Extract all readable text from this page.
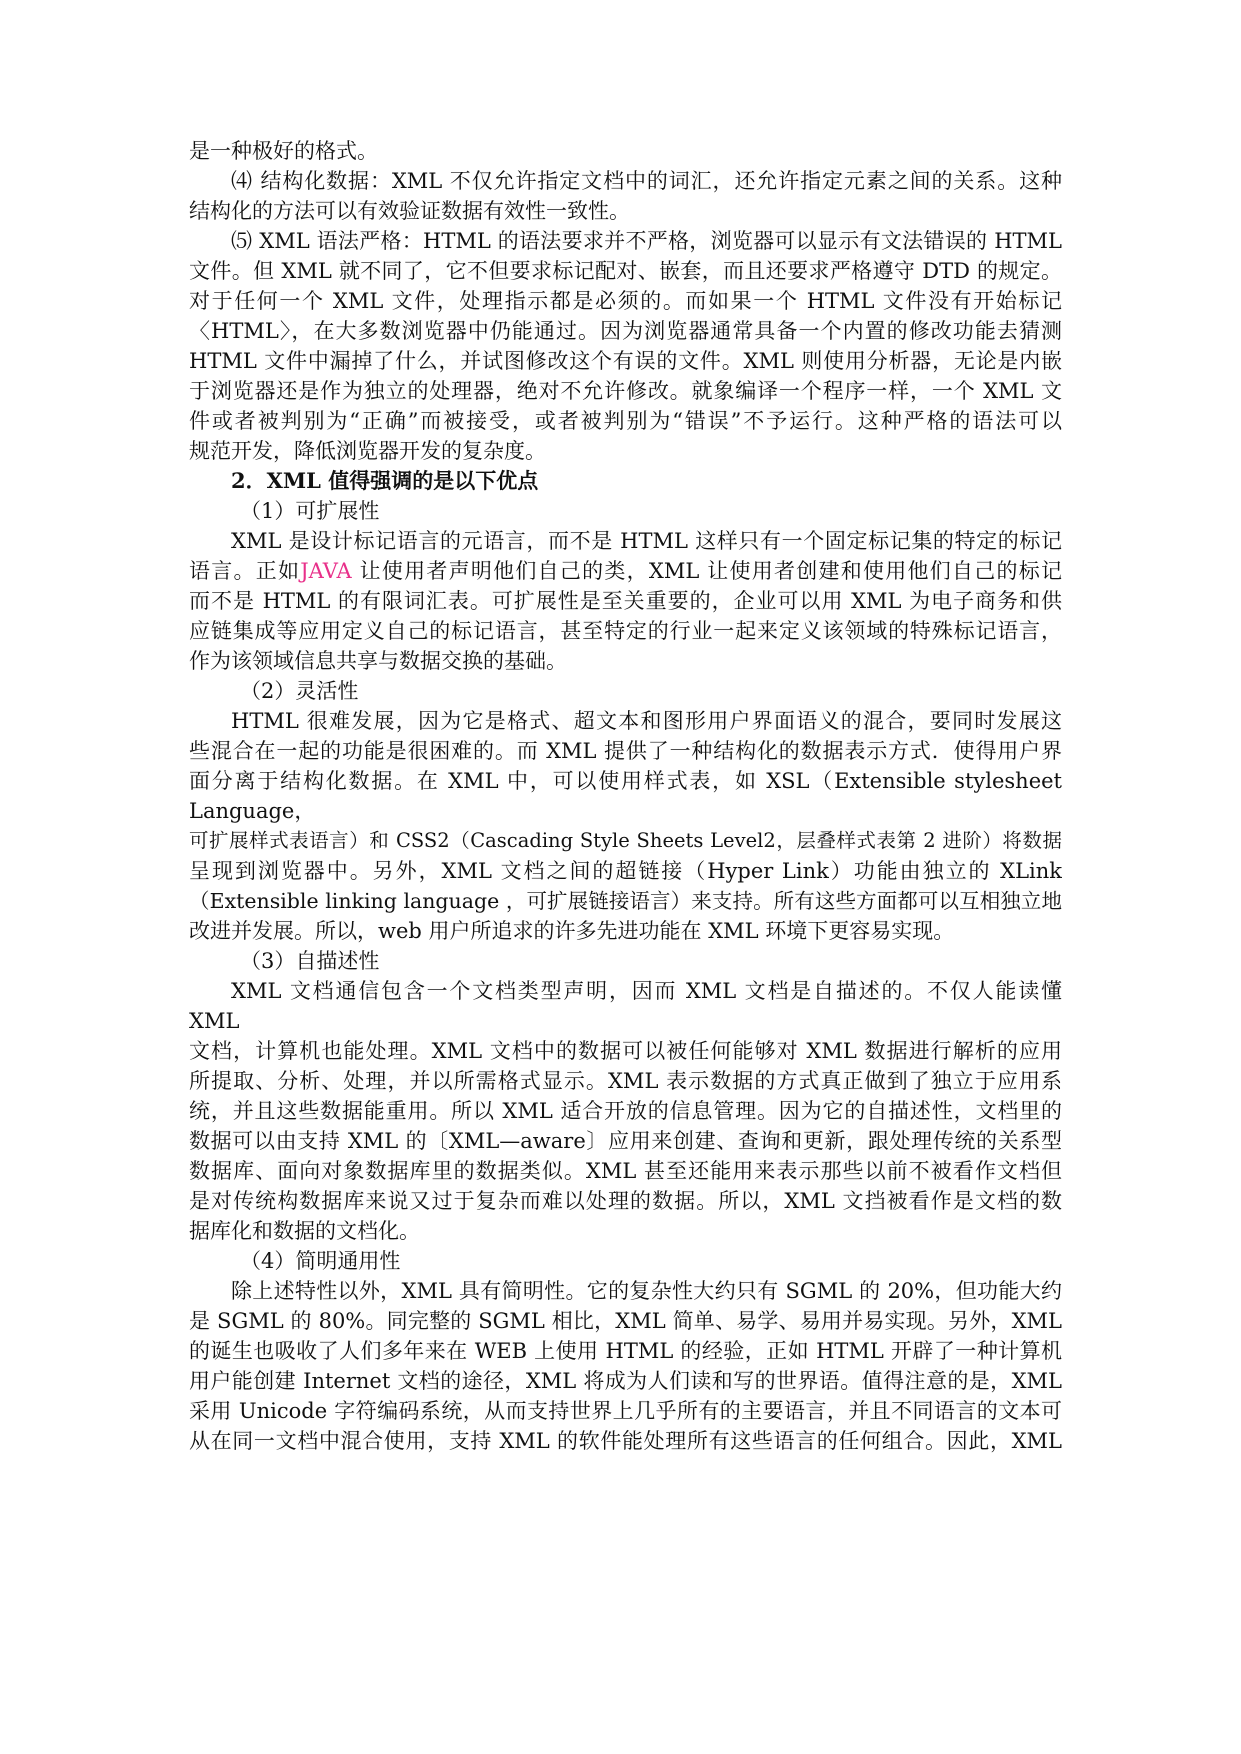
是一种极好的格式。
⑷ 结构化数据：XML 不仅允许指定文档中的词汇，还允许指定元素之间的关系。这种
结构化的方法可以有效验证数据有效性一致性。
⑸ XML 语法严格：HTML 的语法要求并不严格，浏览器可以显示有文法错误的 HTML
文件。但 XML 就不同了，它不但要求标记配对、嵌套，而且还要求严格遵守 DTD 的规定。
对于任何一个 XML 文件，处理指示都是必须的。而如果一个 HTML 文件没有开始标记
〈HTML〉，在大多数浏览器中仍能通过。因为浏览器通常具备一个内置的修改功能去猜测
HTML 文件中漏掉了什么，并试图修改这个有误的文件。XML 则使用分析器，无论是内嵌
于浏览器还是作为独立的处理器，绝对不允许修改。就象编译一个程序一样，一个 XML 文
件或者被判别为“正确”而被接受，或者被判别为“错误”不予运行。这种严格的语法可以
规范开发，降低浏览器开发的复杂度。
2．XML 值得强调的是以下优点
（1）可扩展性
XML 是设计标记语言的元语言，而不是 HTML 这样只有一个固定标记集的特定的标记
语言。正如JAVA 让使用者声明他们自己的类，XML 让使用者创建和使用他们自己的标记
而不是 HTML 的有限词汇表。可扩展性是至关重要的，企业可以用 XML 为电子商务和供
应链集成等应用定义自己的标记语言，甚至特定的行业一起来定义该领域的特殊标记语言，
作为该领域信息共享与数据交换的基础。
（2）灵活性
HTML 很难发展，因为它是格式、超文本和图形用户界面语义的混合，要同时发展这
些混合在一起的功能是很困难的。而 XML 提供了一种结构化的数据表示方式．使得用户界
面分离于结构化数据。在 XML 中，可以使用样式表，如 XSL（Extensible stylesheet
Language，
可扩展样式表语言）和 CSS2（Cascading Style Sheets Level2，层叠样式表第 2 进阶）将数据
呈现到浏览器中。另外，XML 文档之间的超链接（Hyper Link）功能由独立的 XLink
（Extensible linking language ，可扩展链接语言）来支持。所有这些方面都可以互相独立地
改进并发展。所以，web 用户所追求的许多先进功能在 XML 环境下更容易实现。
（3）自描述性
XML 文档通信包含一个文档类型声明，因而 XML 文档是自描述的。不仅人能读懂
XML
文档，计算机也能处理。XML 文档中的数据可以被任何能够对 XML 数据进行解析的应用
所提取、分析、处理，并以所需格式显示。XML 表示数据的方式真正做到了独立于应用系
统，并且这些数据能重用。所以 XML 适合开放的信息管理。因为它的自描述性，文档里的
数据可以由支持 XML 的〔XML—aware〕应用来创建、查询和更新，跟处理传统的关系型
数据库、面向对象数据库里的数据类似。XML 甚至还能用来表示那些以前不被看作文档但
是对传统构数据库来说又过于复杂而难以处理的数据。所以，XML 文挡被看作是文档的数
据库化和数据的文档化。
（4）简明通用性
除上述特性以外，XML 具有简明性。它的复杂性大约只有 SGML 的 20%，但功能大约
是 SGML 的 80%。同完整的 SGML 相比，XML 简单、易学、易用并易实现。另外，XML
的诞生也吸收了人们多年来在 WEB 上使用 HTML 的经验，正如 HTML 开辟了一种计算机
用户能创建 Internet 文档的途径，XML 将成为人们读和写的世界语。值得注意的是，XML
采用 Unicode 字符编码系统，从而支持世界上几乎所有的主要语言，并且不同语言的文本可
从在同一文档中混合使用，支持 XML 的软件能处理所有这些语言的任何组合。因此，XML
